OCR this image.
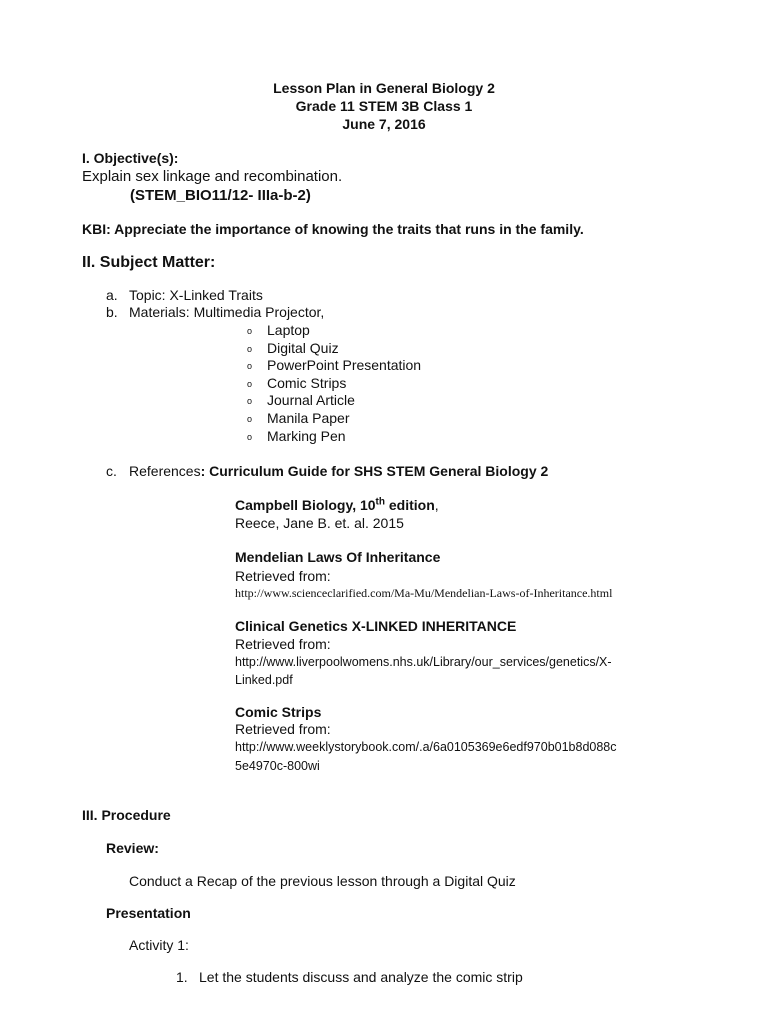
Lesson Plan in General Biology 2
Grade 11 STEM 3B Class 1
June 7, 2016
I. Objective(s):
Explain sex linkage and recombination.
(STEM_BIO11/12- IIIa-b-2)
KBI: Appreciate the importance of knowing the traits that runs in the family.
II. Subject Matter:
a. Topic: X-Linked Traits
b. Materials: Multimedia Projector,
o Laptop
o Digital Quiz
o PowerPoint Presentation
o Comic Strips
o Journal Article
o Manila Paper
o Marking Pen
c. References: Curriculum Guide for SHS STEM General Biology 2
Campbell Biology, 10th edition,
Reece, Jane B. et. al. 2015
Mendelian Laws Of Inheritance
Retrieved from:
http://www.scienceclarified.com/Ma-Mu/Mendelian-Laws-of-Inheritance.html
Clinical Genetics X-LINKED INHERITANCE
Retrieved from:
http://www.liverpoolwomens.nhs.uk/Library/our_services/genetics/X-
Linked.pdf
Comic Strips
Retrieved from:
http://www.weeklystorybook.com/.a/6a0105369e6edf970b01b8d088c
5e4970c-800wi
III. Procedure
Review:
Conduct a Recap of the previous lesson through a Digital Quiz
Presentation
Activity 1:
1. Let the students discuss and analyze the comic strip
